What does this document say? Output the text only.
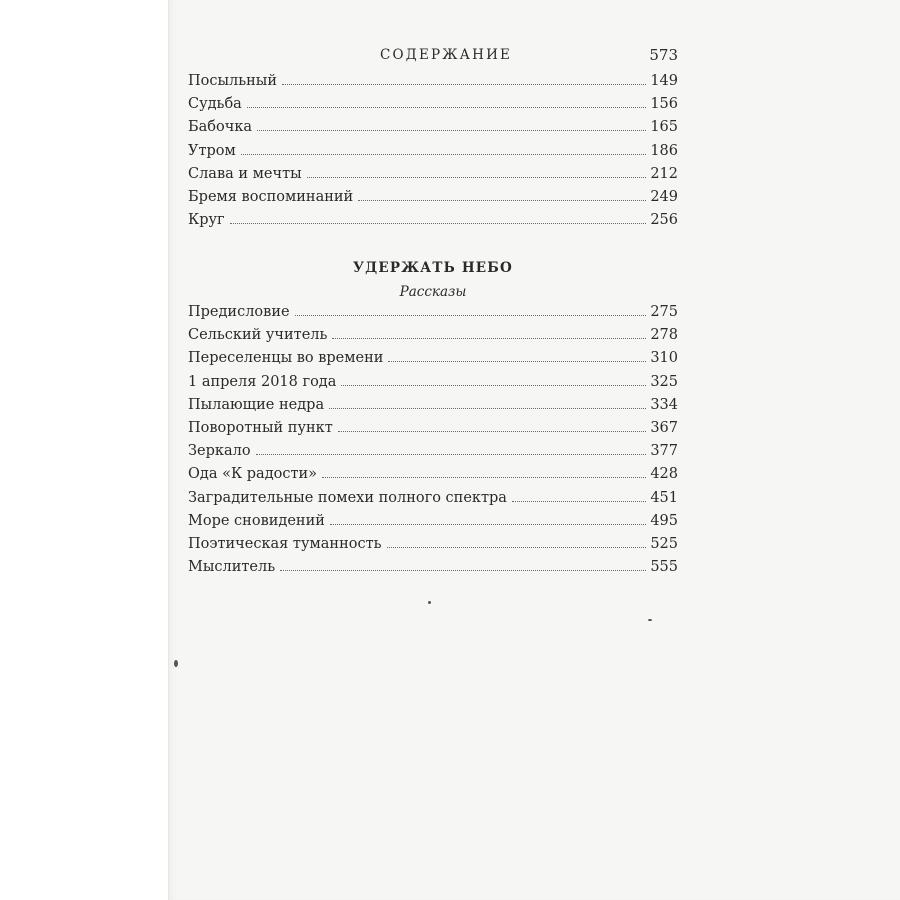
СОДЕРЖАНИЕ	573
Посыльный	149
Судьба	156
Бабочка	165
Утром	186
Слава и мечты	212
Бремя воспоминаний	249
Круг	256
УДЕРЖАТЬ НЕБО
Рассказы
Предисловие	275
Сельский учитель	278
Переселенцы во времени	310
1 апреля 2018 года	325
Пылающие недра	334
Поворотный пункт	367
Зеркало	377
Ода «К радости»	428
Заградительные помехи полного спектра	451
Море сновидений	495
Поэтическая туманность	525
Мыслитель	555
